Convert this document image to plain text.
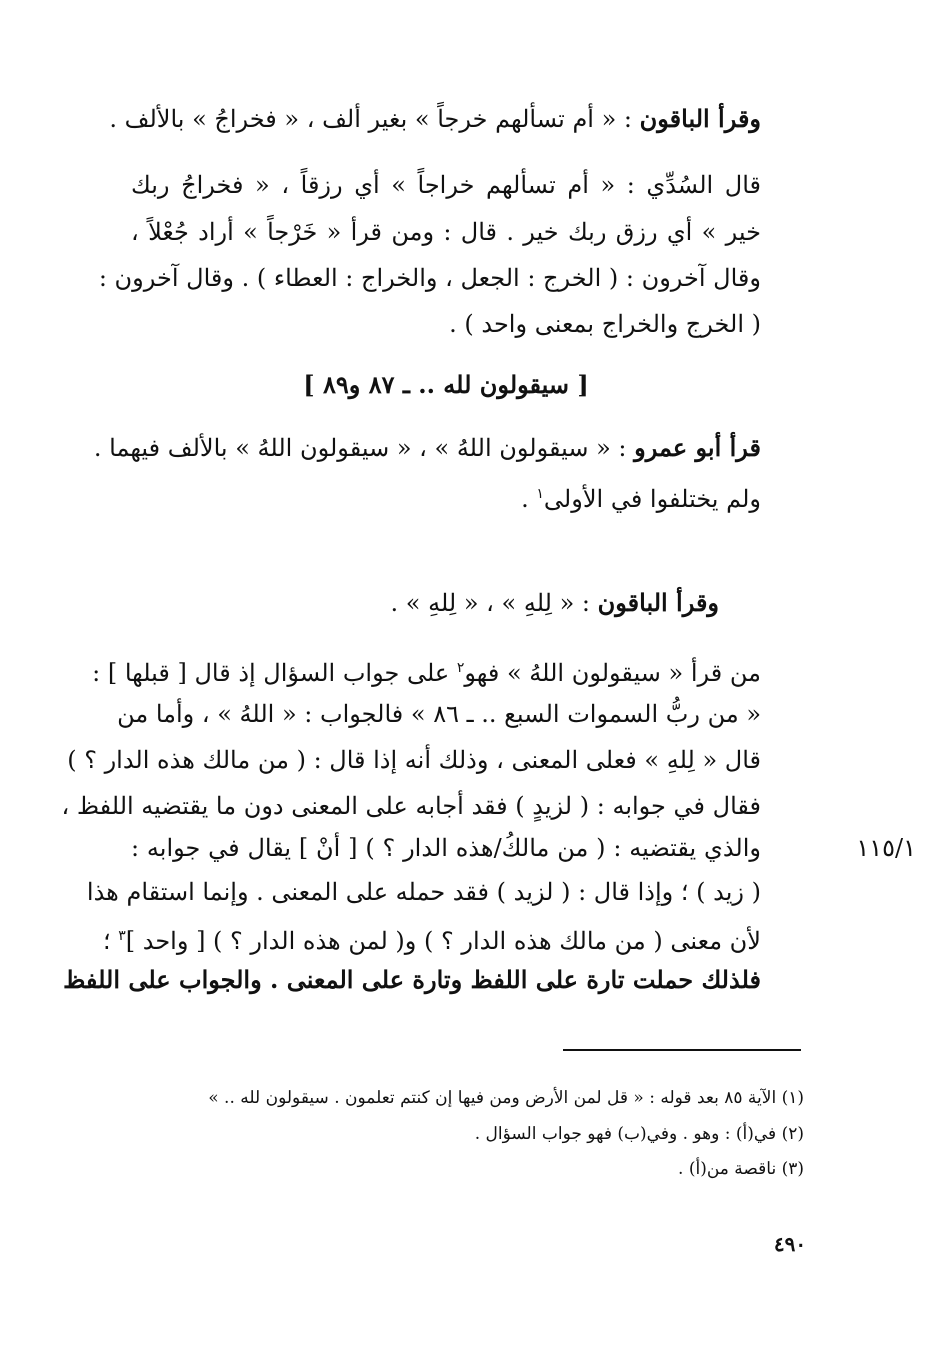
وقرأ الباقون : « أم تسألهم خرجاً » بغير ألف ، « فخراجُ » بالألف .
قال السُدِّي : « أم تسألهم خراجاً » أي رزقاً ، « فخراجُ ربك
خير » أي رزق ربك خير . قال : ومن قرأ « خَرْجاً » أراد جُعْلاً ،
وقال آخرون : ( الخرج : الجعل ، والخراج : العطاء ) . وقال آخرون :
( الخرج والخراج بمعنى واحد ) .
[ سيقولون لله .. ـ ٨٧ و٨٩ ]
قرأ أبو عمرو : « سيقولون اللهُ » ، « سيقولون اللهُ » بالألف فيهما .
ولم يختلفوا في الأولى$^١$ .
وقرأ الباقون : « لِلهِ » ، « لِلهِ » .
من قرأ « سيقولون اللهُ » فهو$^٢$ على جواب السؤال إذ قال [ قبلها ] :
« من ربُّ السموات السبع .. ـ ٨٦ » فالجواب : « اللهُ » ، وأما من
قال « لِلهِ » فعلى المعنى ، وذلك أنه إذا قال : ( من مالك هذه الدار ؟ )
فقال في جوابه : ( لزيدٍ ) فقد أجابه على المعنى دون ما يقتضيه اللفظ ،
والذي يقتضيه : ( من مالكُ/هذه الدار ؟ ) [ أنْ ] يقال في جوابه :
( زيد ) ؛ وإذا قال : ( لزيد ) فقد حمله على المعنى . وإنما استقام هذا
لأن معنى ( من مالك هذه الدار ؟ ) و( لمن هذه الدار ؟ ) [ واحد ]$^٣$ ؛
فلذلك حملت تارة على اللفظ وتارة على المعنى . والجواب على اللفظ
١١٥/١
(١) الآية ٨٥ بعد قوله : « قل لمن الأرض ومن فيها إن كنتم تعلمون . سيقولون لله .. »
(٢) في(أ) : وهو . وفي(ب) فهو جواب السؤال .
(٣) ناقصة من(أ) .
٤٩٠
